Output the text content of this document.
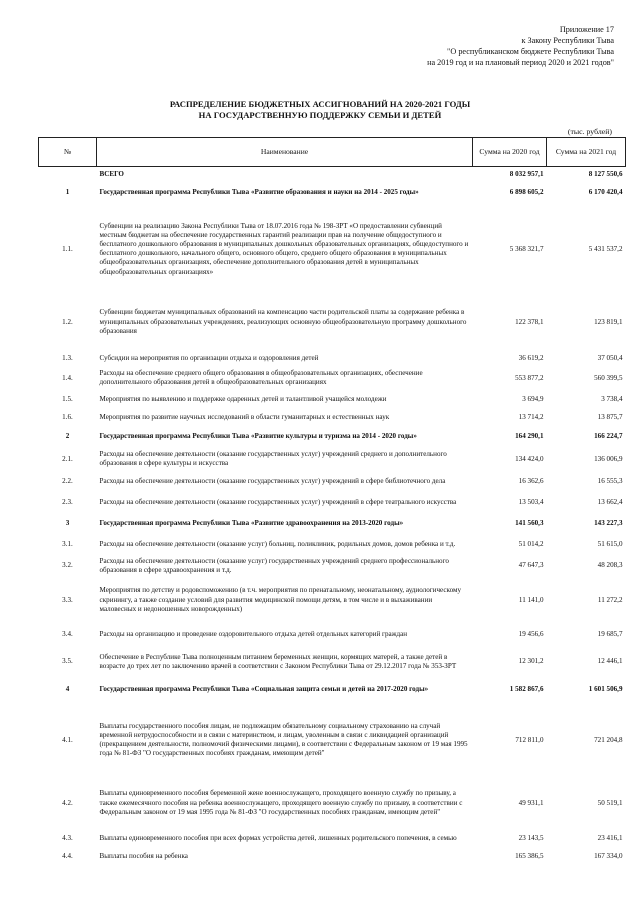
Приложение 17
к Закону Республики Тыва
"О республиканском бюджете Республики Тыва
на 2019 год и на плановый период 2020 и 2021 годов"
РАСПРЕДЕЛЕНИЕ БЮДЖЕТНЫХ АССИГНОВАНИЙ НА 2020-2021 ГОДЫ
НА ГОСУДАРСТВЕННУЮ ПОДДЕРЖКУ СЕМЬИ И ДЕТЕЙ
(тыс. рублей)
№	Наименование	Сумма на 2020 год	Сумма на 2021 год
	ВСЕГО	8 032 957,1	8 127 550,6
1	Государственная программа Республики Тыва «Развитие образования и науки на 2014 - 2025 годы»	6 898 605,2	6 170 420,4
1.1.	Субвенции на реализацию Закона Республики Тыва от 18.07.2016 года № 198-ЗРТ «О предоставлении субвенций местным бюджетам на обеспечение государственных гарантий реализации прав на получение общедоступного и бесплатного дошкольного образования в муниципальных дошкольных образовательных организациях, общедоступного и бесплатного дошкольного, начального общего, основного общего, среднего общего образования в муниципальных общеобразовательных организациях, обеспечение дополнительного образования детей в муниципальных общеобразовательных организациях»	5 368 321,7	5 431 537,2
1.2.	Субвенции бюджетам муниципальных образований на компенсацию части родительской платы за содержание ребенка в муниципальных образовательных учреждениях, реализующих основную общеобразовательную программу дошкольного образования	122 378,1	123 819,1
1.3.	Субсидии на мероприятия по организации отдыха и оздоровления детей	36 619,2	37 050,4
1.4.	Расходы на обеспечение среднего общего образования в общеобразовательных организациях, обеспечение дополнительного образования детей в общеобразовательных организациях	553 877,2	560 399,5
1.5.	Мероприятия по выявлению и поддержке одаренных детей и талантливой учащейся молодежи	3 694,9	3 738,4
1.6.	Мероприятия по развитие научных исследований в области гуманитарных и естественных наук	13 714,2	13 875,7
2	Государственная программа Республики Тыва «Развитие культуры и туризма на 2014 - 2020 годы»	164 290,1	166 224,7
2.1.	Расходы на обеспечение деятельности (оказание государственных услуг) учреждений среднего и дополнительного образования в сфере культуры и искусства	134 424,0	136 006,9
2.2.	Расходы на обеспечение деятельности (оказание государственных услуг) учреждений в сфере библиотечного дела	16 362,6	16 555,3
2.3.	Расходы на обеспечение деятельности (оказание государственных услуг) учреждений в сфере театрального искусства	13 503,4	13 662,4
3	Государственная программа Республики Тыва «Развитие здравоохранения на 2013-2020 годы»	141 560,3	143 227,3
3.1.	Расходы на обеспечение деятельности (оказание услуг) больниц, поликлиник, родильных домов, домов ребенка и т.д.	51 014,2	51 615,0
3.2.	Расходы на обеспечение деятельности (оказание услуг) государственных учреждений среднего профессионального образования в сфере здравоохранения и т.д.	47 647,3	48 208,3
3.3.	Мероприятия по детству и родовспоможению (в т.ч. мероприятия по пренатальному, неонатальному, аудиологическому скринингу, а также создание условий для развития медицинской помощи детям, в том числе и в выхаживании маловесных и недоношенных новорожденных)	11 141,0	11 272,2
3.4.	Расходы на организацию и проведение оздоровительного отдыха детей отдельных категорий граждан	19 456,6	19 685,7
3.5.	Обеспечение в Республике Тыва полноценным питанием беременных женщин, кормящих матерей, а также детей в возрасте до трех лет по заключению врачей в соответствии с Законом Республики Тыва от 29.12.2017 года № 353-ЗРТ	12 301,2	12 446,1
4	Государственная программа Республики Тыва «Социальная защита семьи и детей на 2017-2020 годы»	1 582 867,6	1 601 506,9
4.1.	Выплаты государственного пособия лицам, не подлежащим обязательному социальному страхованию на случай временной нетрудоспособности и в связи с материнством, и лицам, уволенным в связи с ликвидацией организаций (прекращением деятельности, полномочий физическими лицами), в соответствии с Федеральным законом от 19 мая 1995 года № 81-ФЗ "О государственных пособиях гражданам, имеющим детей"	712 811,0	721 204,8
4.2.	Выплаты единовременного пособия беременной жене военнослужащего, проходящего военную службу по призыву, а также ежемесячного пособия на ребенка военнослужащего, проходящего военную службу по призыву, в соответствии с Федеральным законом от 19 мая 1995 года № 81-ФЗ "О государственных пособиях гражданам, имеющим детей"	49 931,1	50 519,1
4.3.	Выплаты единовременного пособия при всех формах устройства детей, лишенных родительского попечения, в семью	23 143,5	23 416,1
4.4.	Выплаты пособия на ребенка	165 386,5	167 334,0
